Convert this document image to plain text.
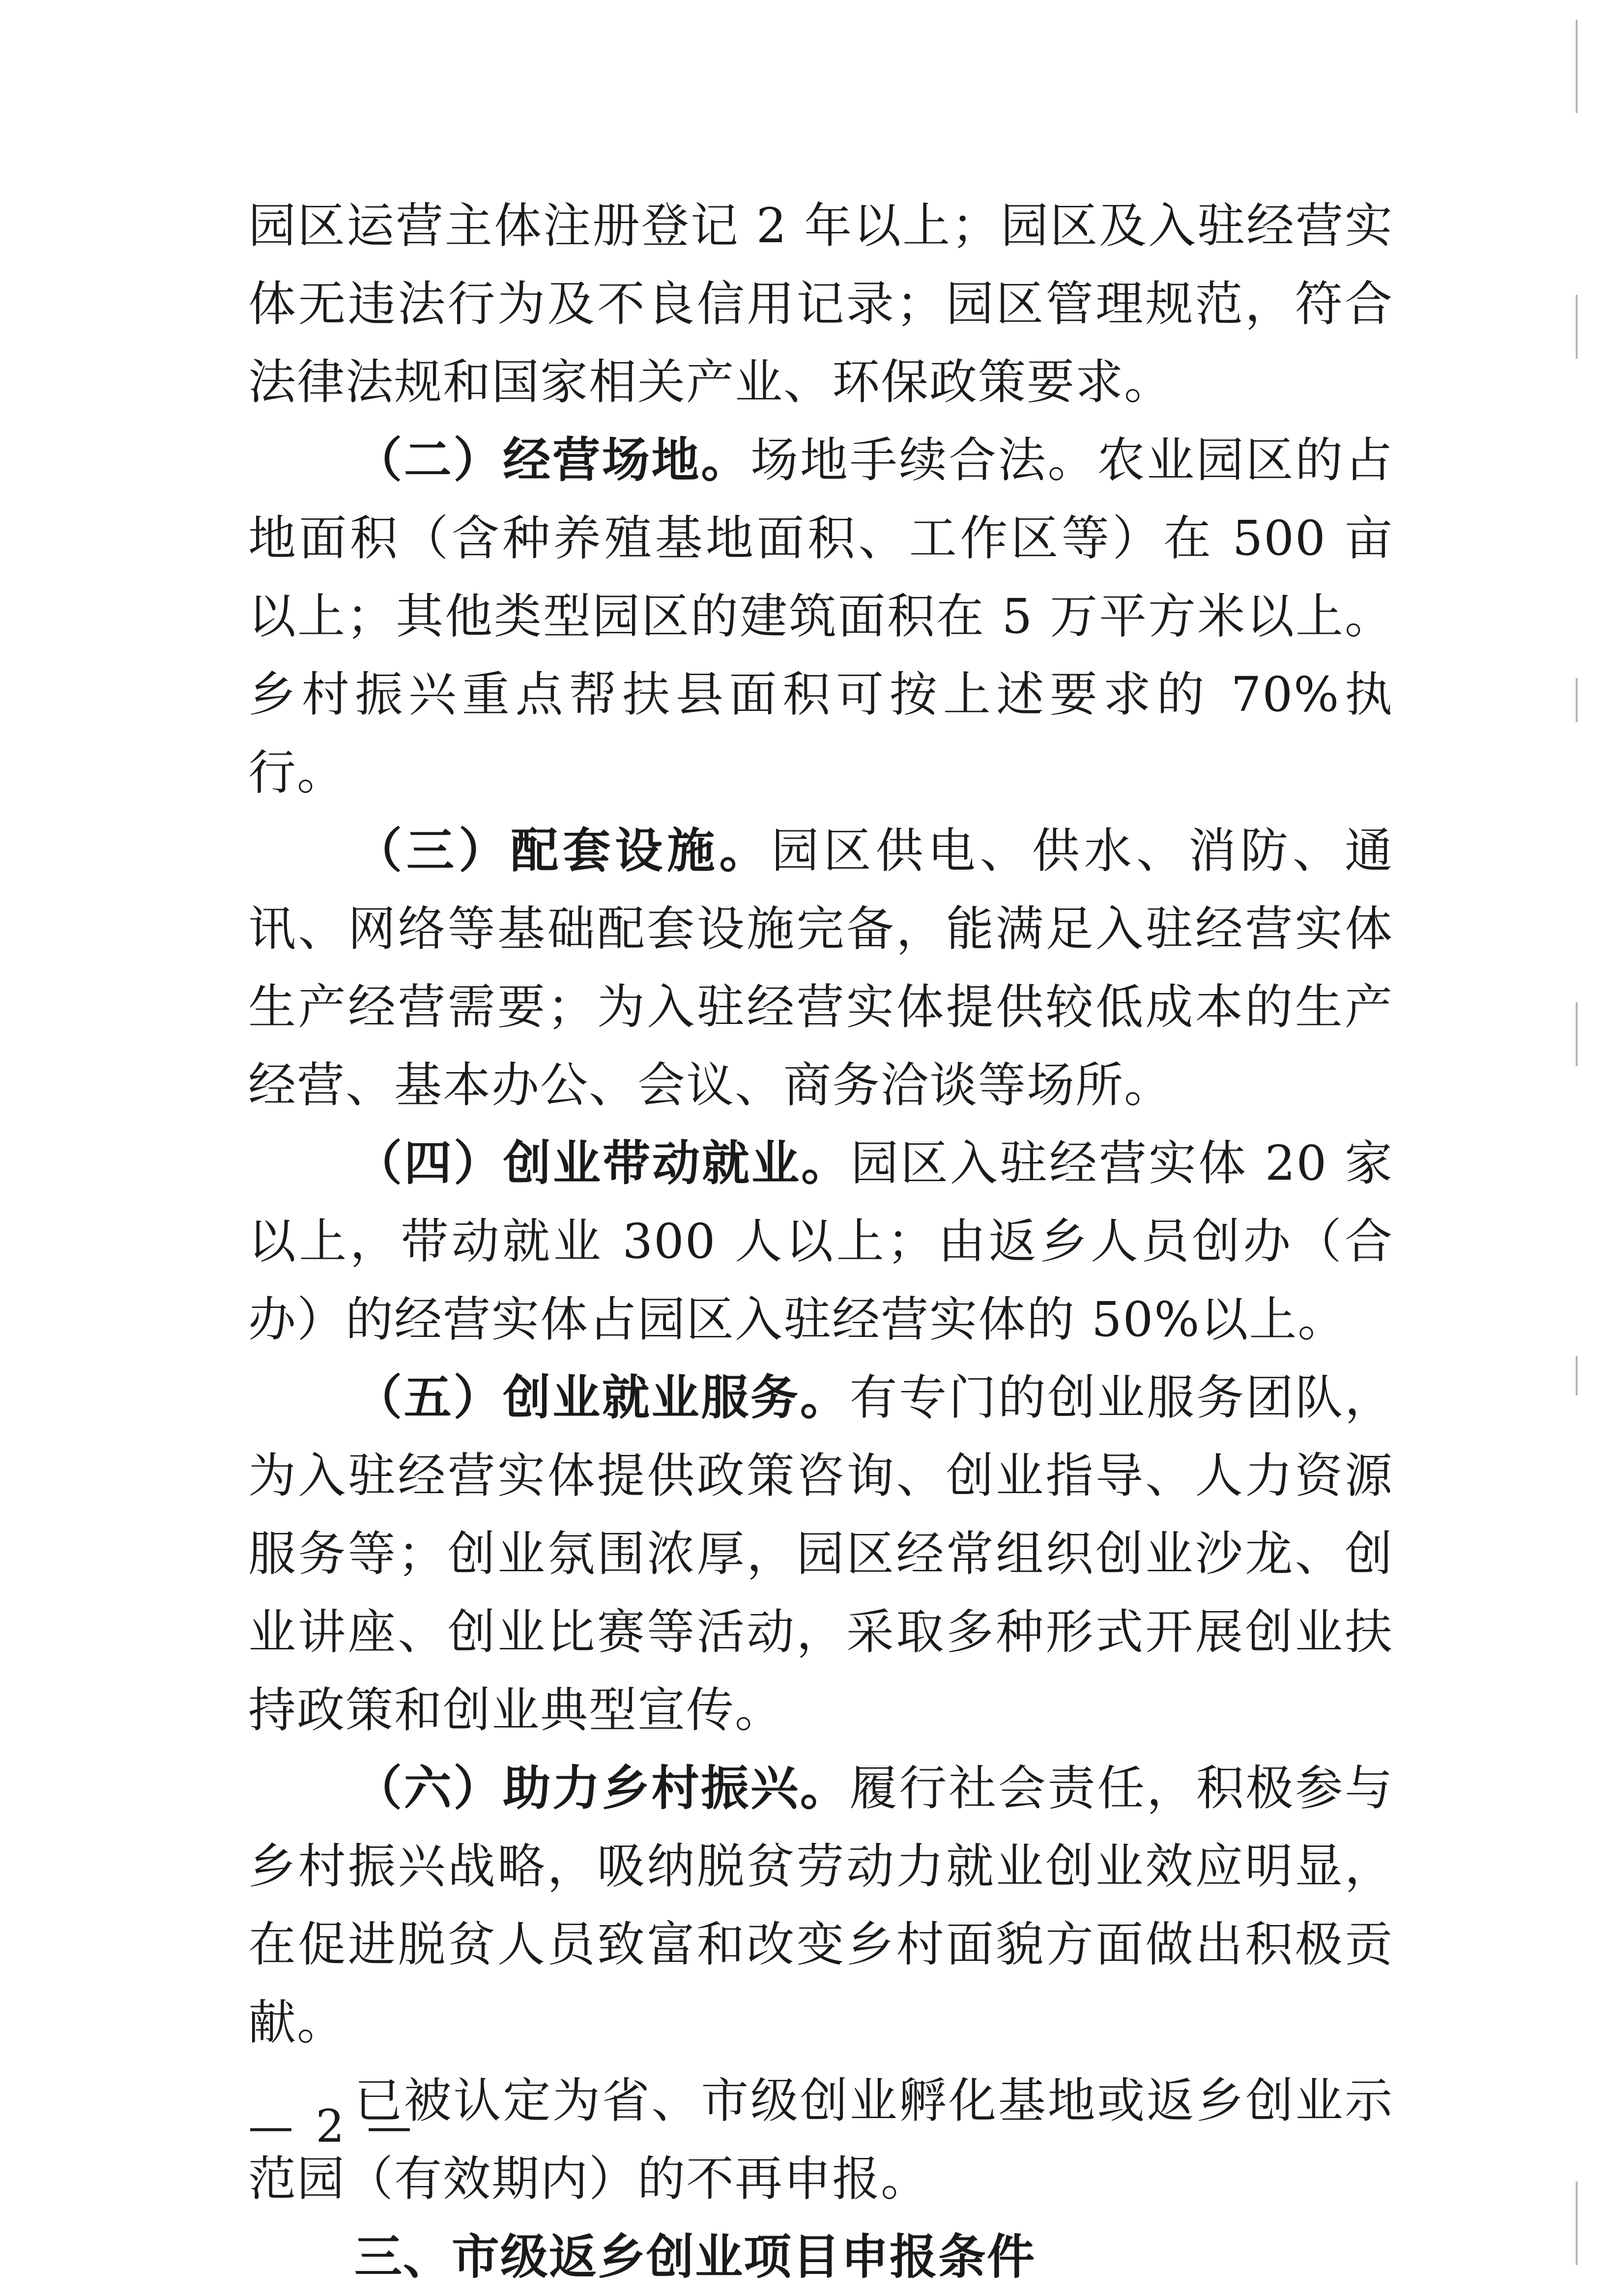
园区运营主体注册登记 2 年以上；园区及入驻经营实体无违法行为及不良信用记录；园区管理规范，符合法律法规和国家相关产业、环保政策要求。

（二）经营场地。场地手续合法。农业园区的占地面积（含种养殖基地面积、工作区等）在 500 亩以上；其他类型园区的建筑面积在 5 万平方米以上。乡村振兴重点帮扶县面积可按上述要求的 70%执行。

（三）配套设施。园区供电、供水、消防、通讯、网络等基础配套设施完备，能满足入驻经营实体生产经营需要；为入驻经营实体提供较低成本的生产经营、基本办公、会议、商务洽谈等场所。

（四）创业带动就业。园区入驻经营实体 20 家以上，带动就业 300 人以上；由返乡人员创办（合办）的经营实体占园区入驻经营实体的 50%以上。

（五）创业就业服务。有专门的创业服务团队，为入驻经营实体提供政策咨询、创业指导、人力资源服务等；创业氛围浓厚，园区经常组织创业沙龙、创业讲座、创业比赛等活动，采取多种形式开展创业扶持政策和创业典型宣传。

（六）助力乡村振兴。履行社会责任，积极参与乡村振兴战略，吸纳脱贫劳动力就业创业效应明显，在促进脱贫人员致富和改变乡村面貌方面做出积极贡献。

已被认定为省、市级创业孵化基地或返乡创业示范园（有效期内）的不再申报。

三、市级返乡创业项目申报条件

— 2 —
